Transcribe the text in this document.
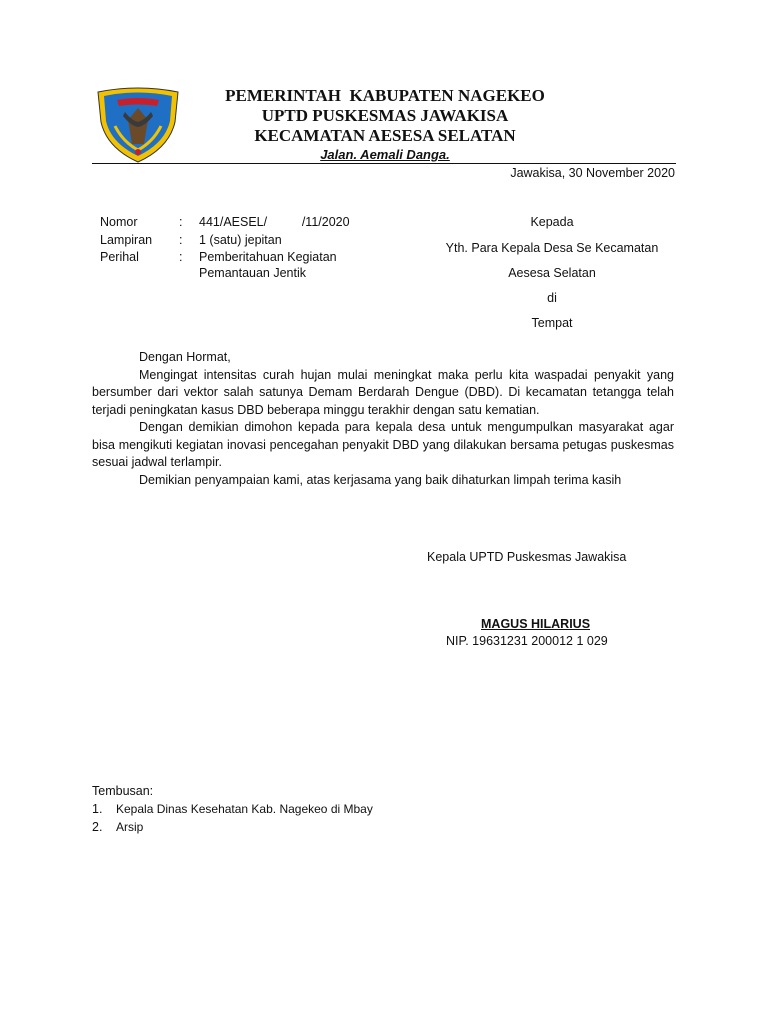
PEMERINTAH  KABUPATEN NAGEKEO
UPTD PUSKESMAS JAWAKISA
KECAMATAN AESESA SELATAN
Jalan. Aemali Danga.
Jawakisa, 30 November 2020
Nomor	: 441/AESEL/          /11/2020
Lampiran : 1 (satu) jepitan
Perihal	: Pemberitahuan Kegiatan
Pemantauan Jentik
Kepada
Yth. Para Kepala Desa Se Kecamatan
Aesesa Selatan
di
Tempat

Dengan Hormat,

Mengingat intensitas curah hujan mulai meningkat maka perlu kita waspadai penyakit yang bersumber dari vektor salah satunya Demam Berdarah Dengue (DBD). Di kecamatan tetangga telah terjadi peningkatan kasus DBD beberapa minggu terakhir dengan satu kematian.

Dengan demikian dimohon kepada para kepala desa untuk mengumpulkan masyarakat agar bisa mengikuti kegiatan inovasi pencegahan penyakit DBD yang dilakukan bersama petugas puskesmas sesuai jadwal terlampir.

Demikian penyampaian kami, atas kerjasama yang baik dihaturkan limpah terima kasih

Kepala UPTD Puskesmas Jawakisa
MAGUS HILARIUS
NIP. 19631231 200012 1 029
Tembusan:
1. Kepala Dinas Kesehatan Kab. Nagekeo di Mbay
2. Arsip
